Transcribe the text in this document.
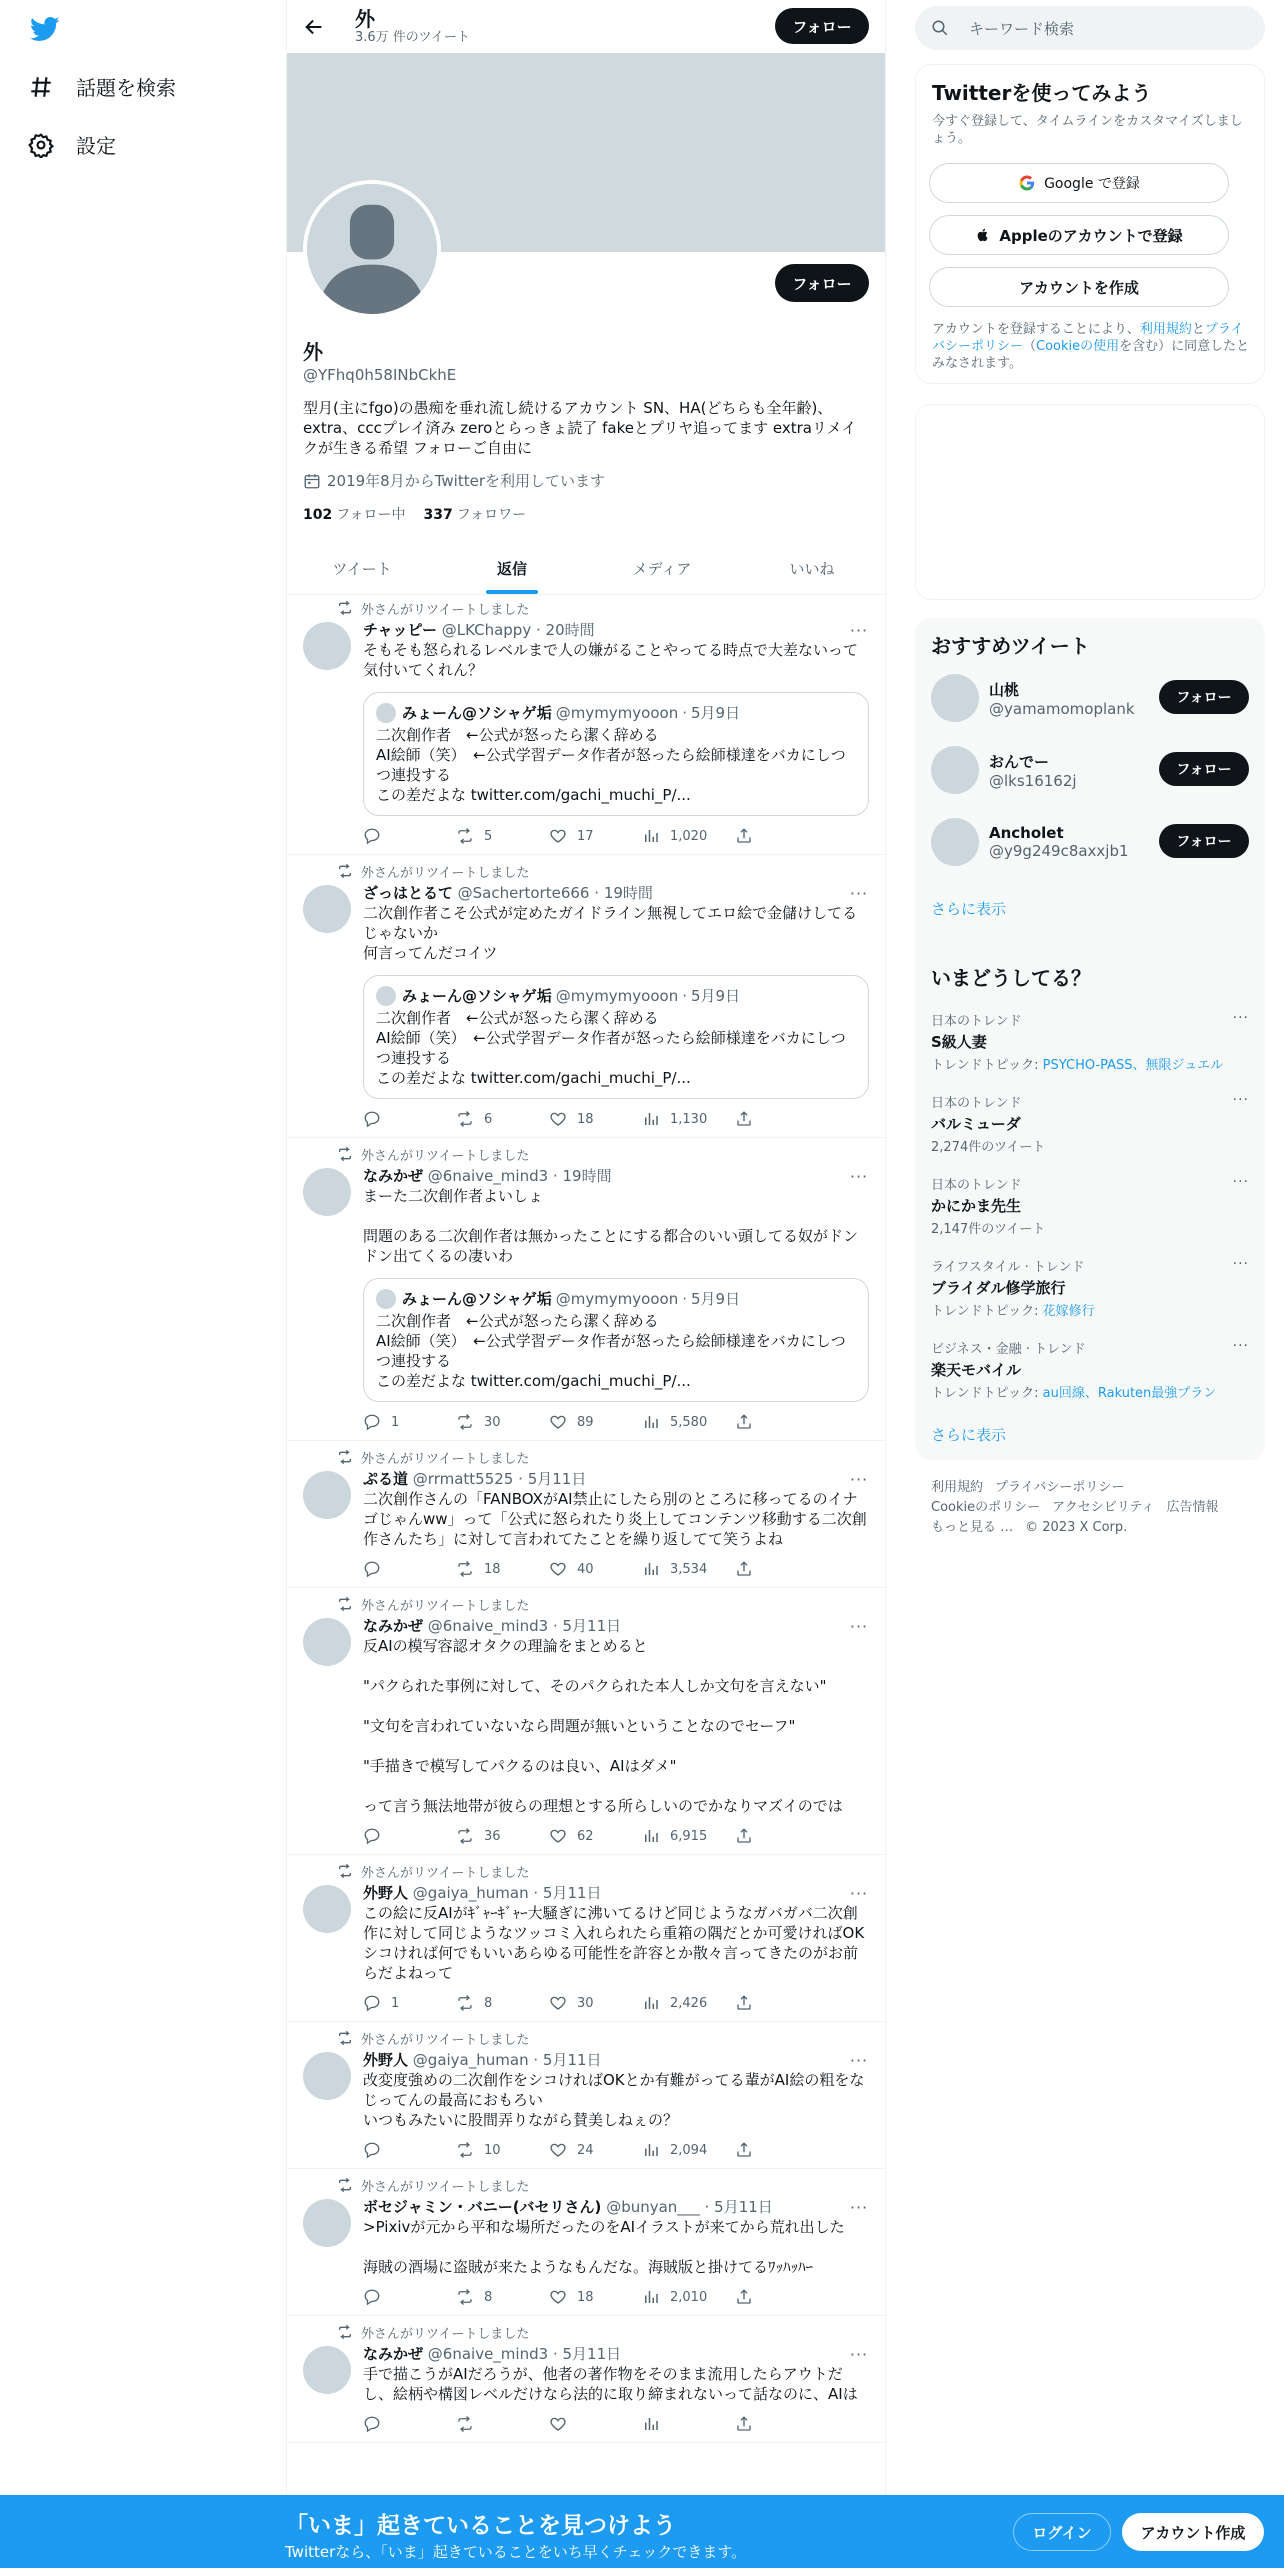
話題を検索
設定
外
3.6万 件のツイート
フォロー
フォロー
外
@YFhq0h58INbCkhE
型月(主にfgo)の愚痴を垂れ流し続けるアカウント SN、HA(どちらも全年齢)、extra、cccプレイ済み zeroとらっきょ読了 fakeとプリヤ追ってます extraリメイクが生きる希望 フォローご自由に
2019年8月からTwitterを利用しています
102 フォロー中 337 フォロワー
ツイート	返信	メディア	いいね
外さんがリツイートしました
チャッピー @LKChappy · 20時間	···
そもそも怒られるレベルまで人の嫌がることやってる時点で大差ないって気付いてくれん？
みょーん@ソシャゲ垢 @mymymyooon · 5月9日
二次創作者　←公式が怒ったら潔く辞める
AI絵師（笑）　←公式学習データ作者が怒ったら絵師様達をバカにしつつ連投する
この差だよな twitter.com/gachi_muchi_P/...
5	17	1,020
外さんがリツイートしました
ざっはとるて @Sachertorte666 · 19時間	···
二次創作者こそ公式が定めたガイドライン無視してエロ絵で金儲けしてるじゃないか
何言ってんだコイツ
みょーん@ソシャゲ垢 @mymymyooon · 5月9日
二次創作者　←公式が怒ったら潔く辞める
AI絵師（笑）　←公式学習データ作者が怒ったら絵師様達をバカにしつつ連投する
この差だよな twitter.com/gachi_muchi_P/...
6	18	1,130
外さんがリツイートしました
なみかぜ @6naive_mind3 · 19時間	···
まーた二次創作者よいしょ

問題のある二次創作者は無かったことにする都合のいい頭してる奴がドンドン出てくるの凄いわ
みょーん@ソシャゲ垢 @mymymyooon · 5月9日
二次創作者　←公式が怒ったら潔く辞める
AI絵師（笑）　←公式学習データ作者が怒ったら絵師様達をバカにしつつ連投する
この差だよな twitter.com/gachi_muchi_P/...
1	30	89	5,580
外さんがリツイートしました
ぷる道 @rrmatt5525 · 5月11日	···
二次創作さんの「FANBOXがAI禁止にしたら別のところに移ってるのイナゴじゃんww」って「公式に怒られたり炎上してコンテンツ移動する二次創作さんたち」に対して言われてたことを繰り返してて笑うよね
18	40	3,534
外さんがリツイートしました
なみかぜ @6naive_mind3 · 5月11日	···
反AIの模写容認オタクの理論をまとめると

"パクられた事例に対して、そのパクられた本人しか文句を言えない"

"文句を言われていないなら問題が無いということなのでセーフ"

"手描きで模写してパクるのは良い、AIはダメ"

って言う無法地帯が彼らの理想とする所らしいのでかなりマズイのでは
36	62	6,915
外さんがリツイートしました
外野人 @gaiya_human · 5月11日	···
この絵に反AIがｷﾞｬｰｷﾞｬｰ大騒ぎに沸いてるけど同じようなガバガバ二次創作に対して同じようなツッコミ入れられたら重箱の隅だとか可愛ければOKシコければ何でもいいあらゆる可能性を許容とか散々言ってきたのがお前らだよねって
1	8	30	2,426
外さんがリツイートしました
外野人 @gaiya_human · 5月11日	···
改変度強めの二次創作をシコければOKとか有難がってる輩がAI絵の粗をなじってんの最高におもろい
いつもみたいに股間弄りながら賛美しねぇの？
10	24	2,094
外さんがリツイートしました
ボセジャミン・バニー(バセリさん) @bunyan___ · 5月11日	···
>Pixivが元から平和な場所だったのをAIイラストが来てから荒れ出した

海賊の酒場に盗賊が来たようなもんだな。海賊版と掛けてるﾜｯﾊｯﾊｰ
8	18	2,010
外さんがリツイートしました
なみかぜ @6naive_mind3 · 5月11日	···
手で描こうがAIだろうが、他者の著作物をそのまま流用したらアウトだし、絵柄や構図レベルだけなら法的に取り締まれないって話なのに、AIは
キーワード検索
Twitterを使ってみよう
今すぐ登録して、タイムラインをカスタマイズしましょう。
Google で登録
Appleのアカウントで登録
アカウントを作成
アカウントを登録することにより、利用規約とプライバシーポリシー（Cookieの使用を含む）に同意したとみなされます。
おすすめツイート
山桃
@yamamomoplank
フォロー
おんでー
@lks16162j
フォロー
Ancholet
@y9g249c8axxjb1	フォロー
さらに表示
いまどうしてる？
日本のトレンド
S級人妻
トレンドトピック: PSYCHO-PASS、無限ジュエル
···
日本のトレンド
バルミューダ
2,274件のツイート
···
日本のトレンド
かにかま先生
2,147件のツイート
···
ライフスタイル · トレンド
ブライダル修学旅行
トレンドトピック: 花嫁修行
···
ビジネス・金融 · トレンド
楽天モバイル
トレンドトピック: au回線、Rakuten最強プラン
···
さらに表示
利用規約 プライバシーポリシー
Cookieのポリシー アクセシビリティ 広告情報
もっと見る … © 2023 X Corp.
「いま」起きていることを見つけよう
Twitterなら、「いま」起きていることをいち早くチェックできます。
ログイン	アカウント作成
